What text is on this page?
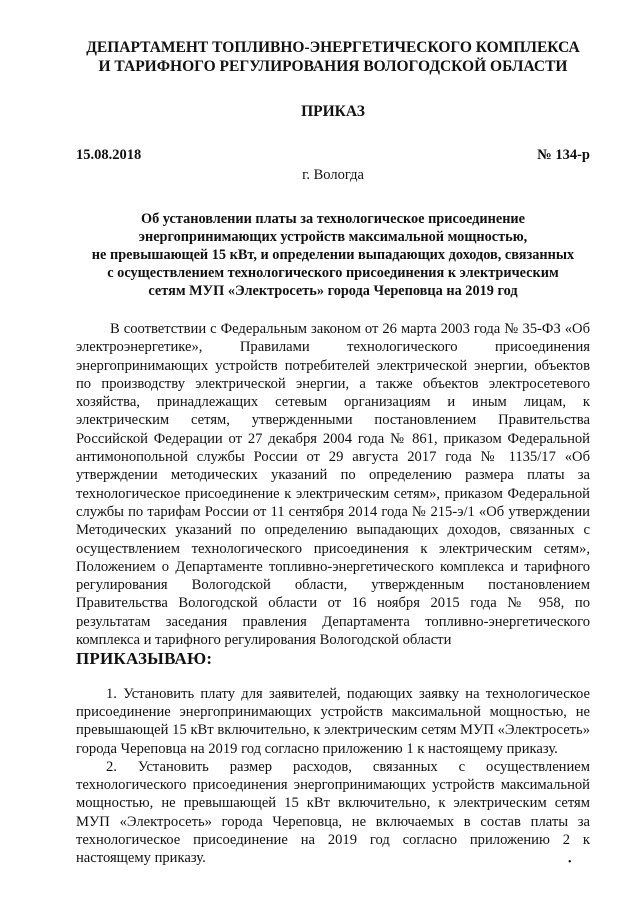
ДЕПАРТАМЕНТ ТОПЛИВНО-ЭНЕРГЕТИЧЕСКОГО КОМПЛЕКСА
И ТАРИФНОГО РЕГУЛИРОВАНИЯ ВОЛОГОДСКОЙ ОБЛАСТИ

ПРИКАЗ

15.08.2018	№ 134-р
г. Вологда

Об установлении платы за технологическое присоединение
энергопринимающих устройств максимальной мощностью,
не превышающей 15 кВт, и определении выпадающих доходов, связанных
с осуществлением технологического присоединения к электрическим
сетям МУП «Электросеть» города Череповца на 2019 год

В соответствии с Федеральным законом от 26 марта 2003 года № 35-ФЗ «Об электроэнергетике», Правилами технологического присоединения энергопринимающих устройств потребителей электрической энергии, объектов по производству электрической энергии, а также объектов электросетевого хозяйства, принадлежащих сетевым организациям и иным лицам, к электрическим сетям, утвержденными постановлением Правительства Российской Федерации от 27 декабря 2004 года № 861, приказом Федеральной антимонопольной службы России от 29 августа 2017 года № 1135/17 «Об утверждении методических указаний по определению размера платы за технологическое присоединение к электрическим сетям», приказом Федеральной службы по тарифам России от 11 сентября 2014 года № 215-э/1 «Об утверждении Методических указаний по определению выпадающих доходов, связанных с осуществлением технологического присоединения к электрическим сетям», Положением о Департаменте топливно-энергетического комплекса и тарифного регулирования Вологодской области, утвержденным постановлением Правительства Вологодской области от 16 ноября 2015 года № 958, по результатам заседания правления Департамента топливно-энергетического комплекса и тарифного регулирования Вологодской области

ПРИКАЗЫВАЮ:

1. Установить плату для заявителей, подающих заявку на технологическое присоединение энергопринимающих устройств максимальной мощностью, не превышающей 15 кВт включительно, к электрическим сетям МУП «Электросеть» города Череповца на 2019 год согласно приложению 1 к настоящему приказу.

2. Установить размер расходов, связанных с осуществлением технологического присоединения энергопринимающих устройств максимальной мощностью, не превышающей 15 кВт включительно, к электрическим сетям МУП «Электросеть» города Череповца, не включаемых в состав платы за технологическое присоединение на 2019 год согласно приложению 2 к настоящему приказу.	•
